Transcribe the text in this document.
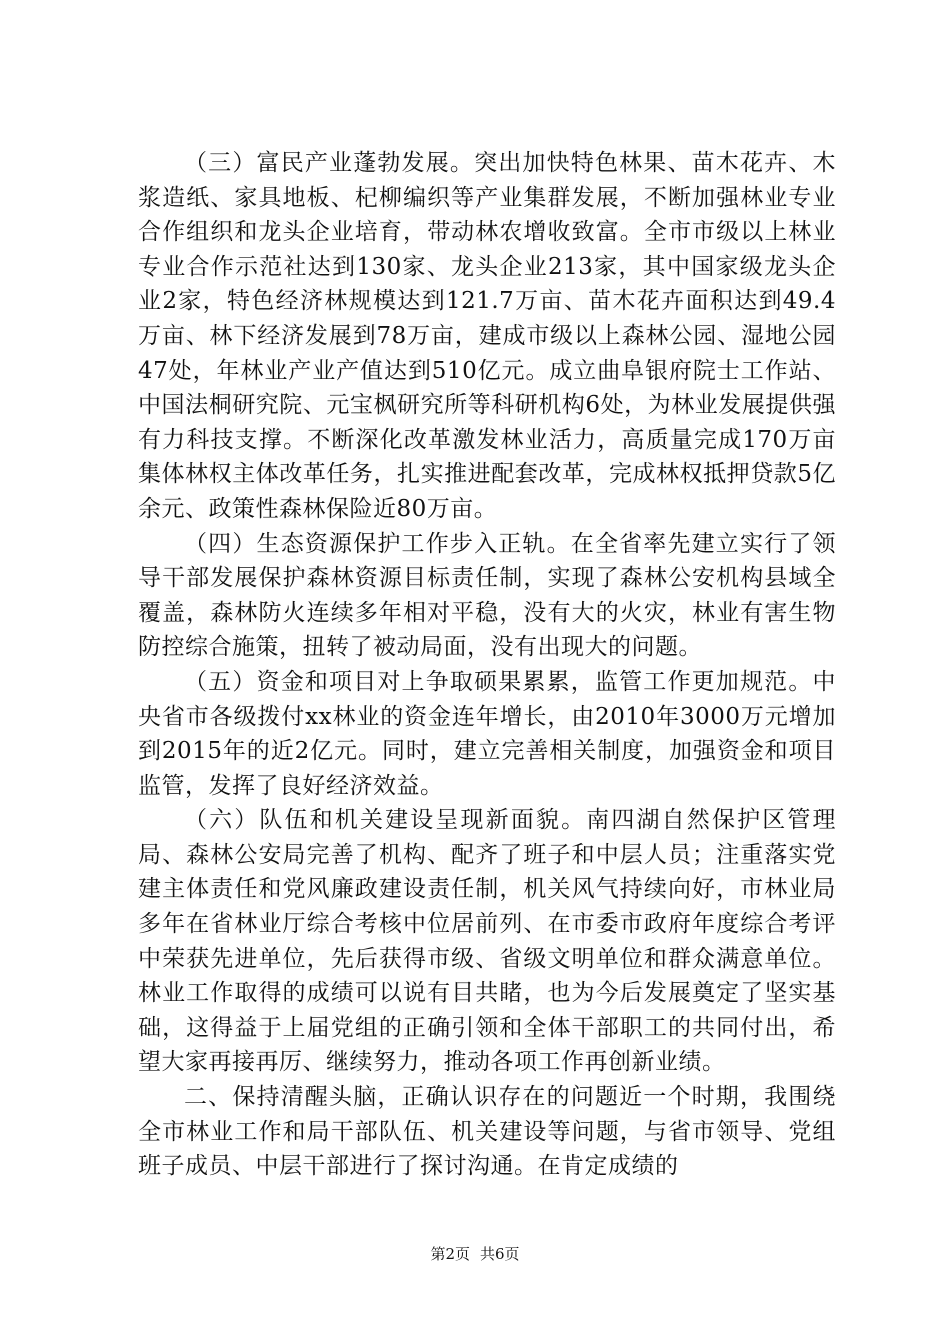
（三）富民产业蓬勃发展。突出加快特色林果、苗木花卉、木浆造纸、家具地板、杞柳编织等产业集群发展，不断加强林业专业合作组织和龙头企业培育，带动林农增收致富。全市市级以上林业专业合作示范社达到130家、龙头企业213家，其中国家级龙头企业2家，特色经济林规模达到121.7万亩、苗木花卉面积达到49.4万亩、林下经济发展到78万亩，建成市级以上森林公园、湿地公园47处，年林业产业产值达到510亿元。成立曲阜银府院士工作站、中国法桐研究院、元宝枫研究所等科研机构6处，为林业发展提供强有力科技支撑。不断深化改革激发林业活力，高质量完成170万亩集体林权主体改革任务，扎实推进配套改革，完成林权抵押贷款5亿余元、政策性森林保险近80万亩。

（四）生态资源保护工作步入正轨。在全省率先建立实行了领导干部发展保护森林资源目标责任制，实现了森林公安机构县域全覆盖，森林防火连续多年相对平稳，没有大的火灾，林业有害生物防控综合施策，扭转了被动局面，没有出现大的问题。

（五）资金和项目对上争取硕果累累，监管工作更加规范。中央省市各级拨付xx林业的资金连年增长，由2010年3000万元增加到2015年的近2亿元。同时，建立完善相关制度，加强资金和项目监管，发挥了良好经济效益。

（六）队伍和机关建设呈现新面貌。南四湖自然保护区管理局、森林公安局完善了机构、配齐了班子和中层人员；注重落实党建主体责任和党风廉政建设责任制，机关风气持续向好，市林业局多年在省林业厅综合考核中位居前列、在市委市政府年度综合考评中荣获先进单位，先后获得市级、省级文明单位和群众满意单位。林业工作取得的成绩可以说有目共睹，也为今后发展奠定了坚实基础，这得益于上届党组的正确引领和全体干部职工的共同付出，希望大家再接再厉、继续努力，推动各项工作再创新业绩。

二、保持清醒头脑，正确认识存在的问题近一个时期，我围绕全市林业工作和局干部队伍、机关建设等问题，与省市领导、党组班子成员、中层干部进行了探讨沟通。在肯定成绩的

第2页 共6页
